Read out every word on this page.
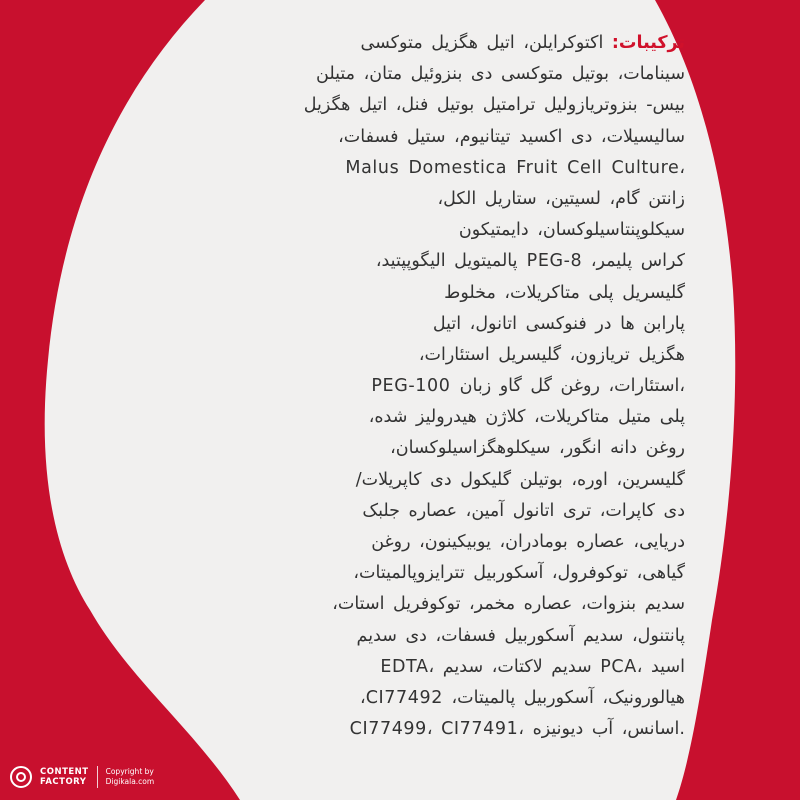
ترکیبات: اکتوکرایلن، اتیل هگزیل متوکسی
سینامات، بوتیل متوکسی دی بنزوئیل متان، متیلن
بیس- بنزوتریازولیل ترامتیل بوتیل فنل، اتیل هگزیل
سالیسیلات، دی اکسید تیتانیوم، ستیل فسفات،
Malus Domestica Fruit Cell Culture،
زانتن گام، لسیتین، ستاریل الکل،
سیکلوپنتاسیلوکسان، دایمتیکون
کراس پلیمر، PEG-8 پالمیتویل الیگوپپتید،
گلیسریل پلی متاکریلات، مخلوط
پارابن ها در فنوکسی اتانول، اتیل
هگزیل تریازون، گلیسریل استئارات،
PEG-100 استئارات، روغن گل گاو زبان،
پلی متیل متاکریلات، کلاژن هیدرولیز شده،
روغن دانه انگور، سیکلوهگزاسیلوکسان،
گلیسرین، اوره، بوتیلن گلیکول دی کاپریلات/
دی کاپرات، تری اتانول آمین، عصاره جلبک
دریایی، عصاره بومادران، یوبیکینون، روغن
گیاهی، توکوفرول، آسکوربیل تترایزوپالمیتات،
سدیم بنزوات، عصاره مخمر، توکوفریل استات،
پانتنول، سدیم آسکوربیل فسفات، دی سدیم
EDTA، سدیم لاکتات، سدیم PCA، اسید
هیالورونیک، آسکوربیل پالمیتات، CI77492،
CI77499، CI77491، اسانس، آب دیونیزه.
CONTENT
FACTORY
Copyright by
Digikala.com
